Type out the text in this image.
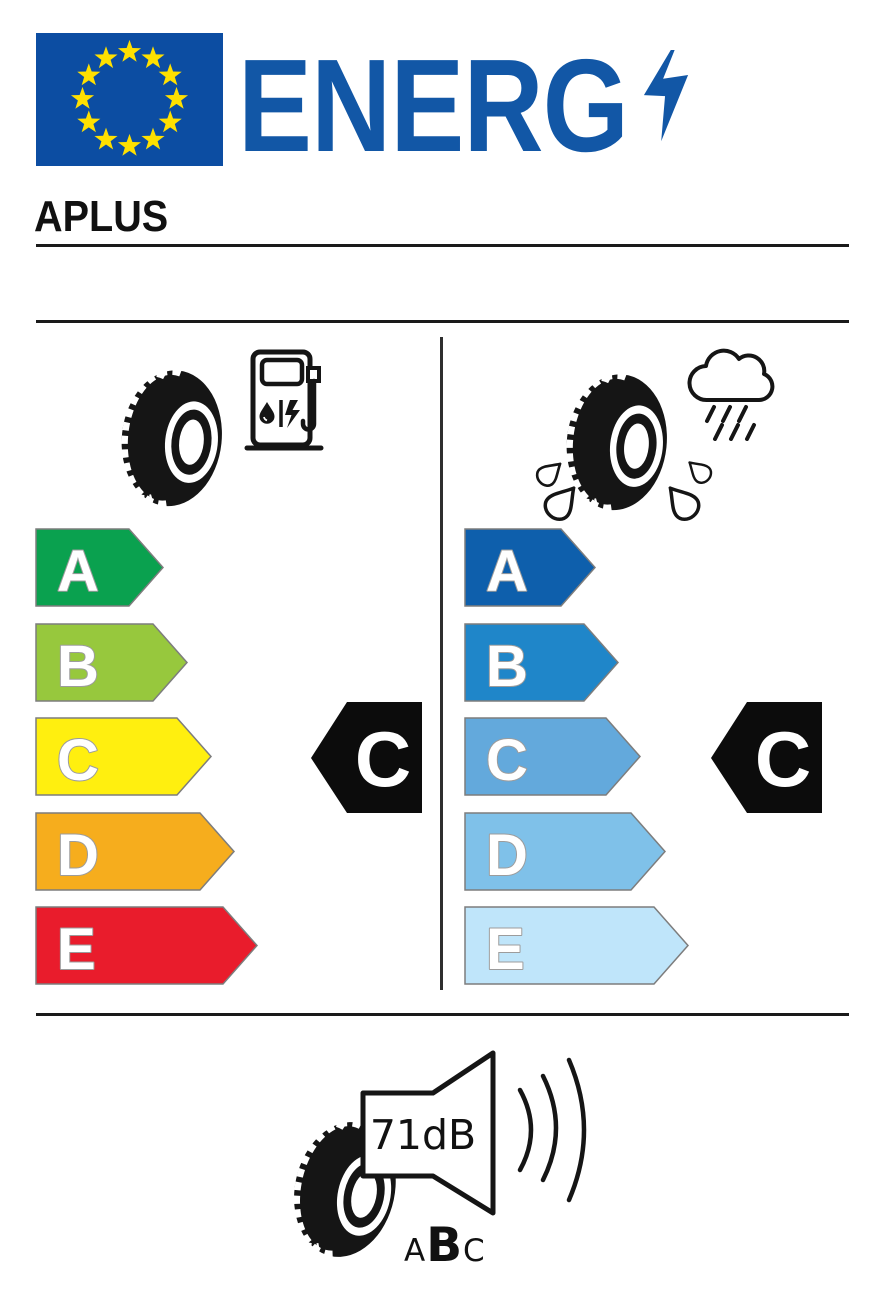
ENERG
APLUS
A
B
C
D
E
A
B
C
D
E
C	C
71dB
A B C
